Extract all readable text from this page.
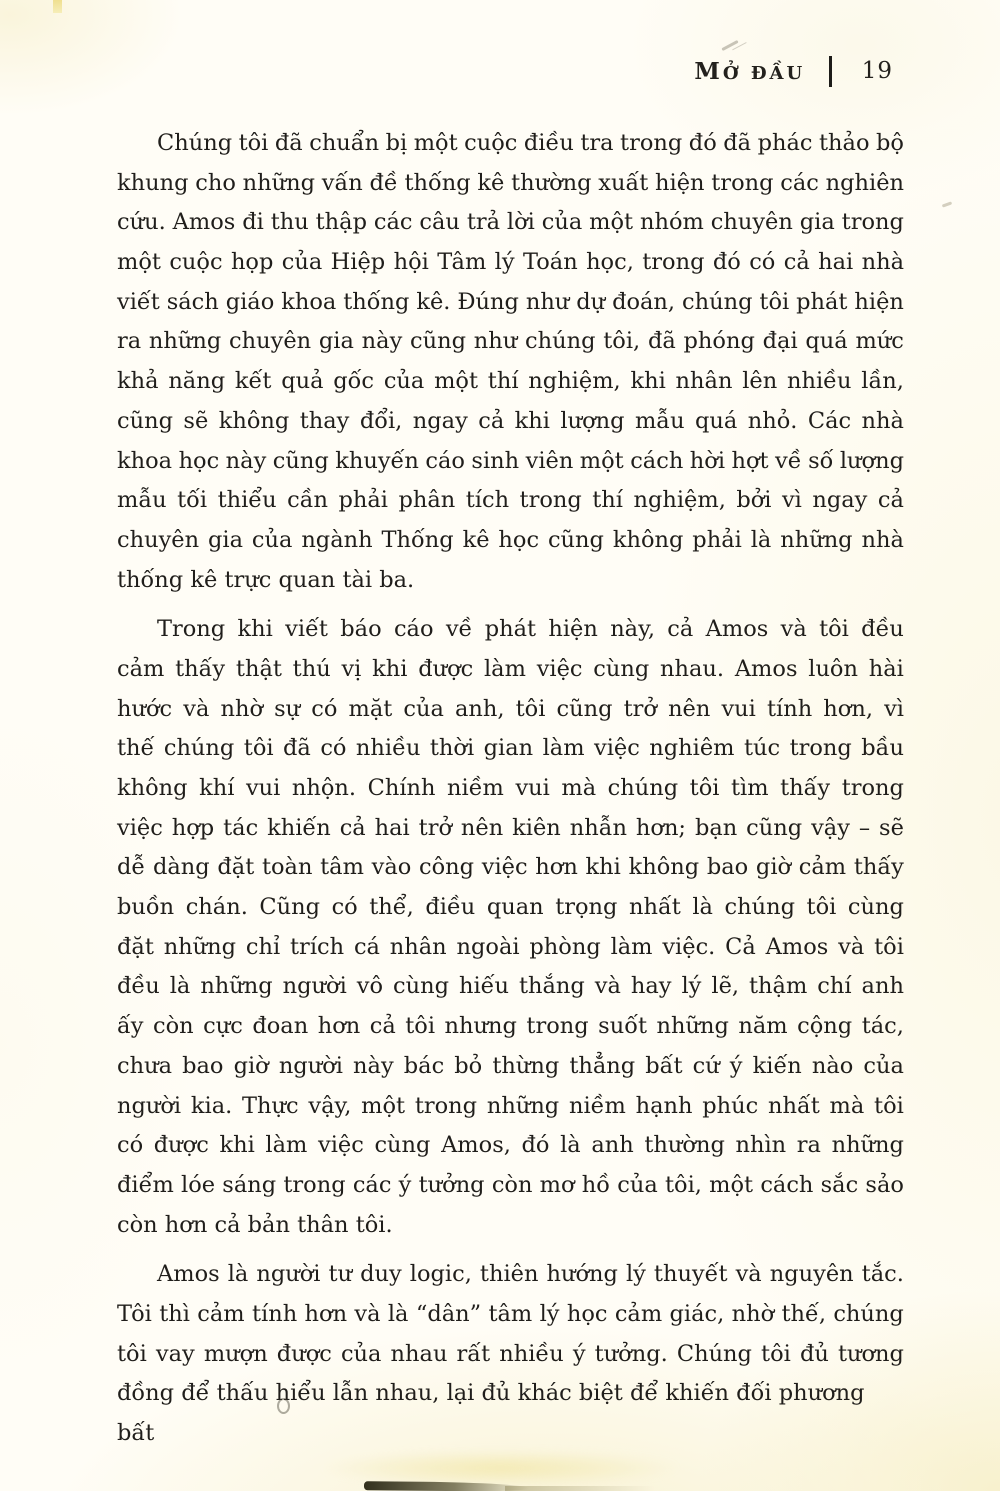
MỞ ĐẦU 19
Chúng tôi đã chuẩn bị một cuộc điều tra trong đó đã phác thảo bộ
khung cho những vấn đề thống kê thường xuất hiện trong các nghiên
cứu. Amos đi thu thập các câu trả lời của một nhóm chuyên gia trong
một cuộc họp của Hiệp hội Tâm lý Toán học, trong đó có cả hai nhà
viết sách giáo khoa thống kê. Đúng như dự đoán, chúng tôi phát hiện
ra những chuyên gia này cũng như chúng tôi, đã phóng đại quá mức
khả năng kết quả gốc của một thí nghiệm, khi nhân lên nhiều lần,
cũng sẽ không thay đổi, ngay cả khi lượng mẫu quá nhỏ. Các nhà
khoa học này cũng khuyến cáo sinh viên một cách hời hợt về số lượng
mẫu tối thiểu cần phải phân tích trong thí nghiệm, bởi vì ngay cả
chuyên gia của ngành Thống kê học cũng không phải là những nhà
thống kê trực quan tài ba.
Trong khi viết báo cáo về phát hiện này, cả Amos và tôi đều
cảm thấy thật thú vị khi được làm việc cùng nhau. Amos luôn hài
hước và nhờ sự có mặt của anh, tôi cũng trở nên vui tính hơn, vì
thế chúng tôi đã có nhiều thời gian làm việc nghiêm túc trong bầu
không khí vui nhộn. Chính niềm vui mà chúng tôi tìm thấy trong
việc hợp tác khiến cả hai trở nên kiên nhẫn hơn; bạn cũng vậy – sẽ
dễ dàng đặt toàn tâm vào công việc hơn khi không bao giờ cảm thấy
buồn chán. Cũng có thể, điều quan trọng nhất là chúng tôi cùng
đặt những chỉ trích cá nhân ngoài phòng làm việc. Cả Amos và tôi
đều là những người vô cùng hiếu thắng và hay lý lẽ, thậm chí anh
ấy còn cực đoan hơn cả tôi nhưng trong suốt những năm cộng tác,
chưa bao giờ người này bác bỏ thừng thẳng bất cứ ý kiến nào của
người kia. Thực vậy, một trong những niềm hạnh phúc nhất mà tôi
có được khi làm việc cùng Amos, đó là anh thường nhìn ra những
điểm lóe sáng trong các ý tưởng còn mơ hồ của tôi, một cách sắc sảo
còn hơn cả bản thân tôi.
Amos là người tư duy logic, thiên hướng lý thuyết và nguyên tắc.
Tôi thì cảm tính hơn và là “dân” tâm lý học cảm giác, nhờ thế, chúng
tôi vay mượn được của nhau rất nhiều ý tưởng. Chúng tôi đủ tương
đồng để thấu hiểu lẫn nhau, lại đủ khác biệt để khiến đối phương bất
